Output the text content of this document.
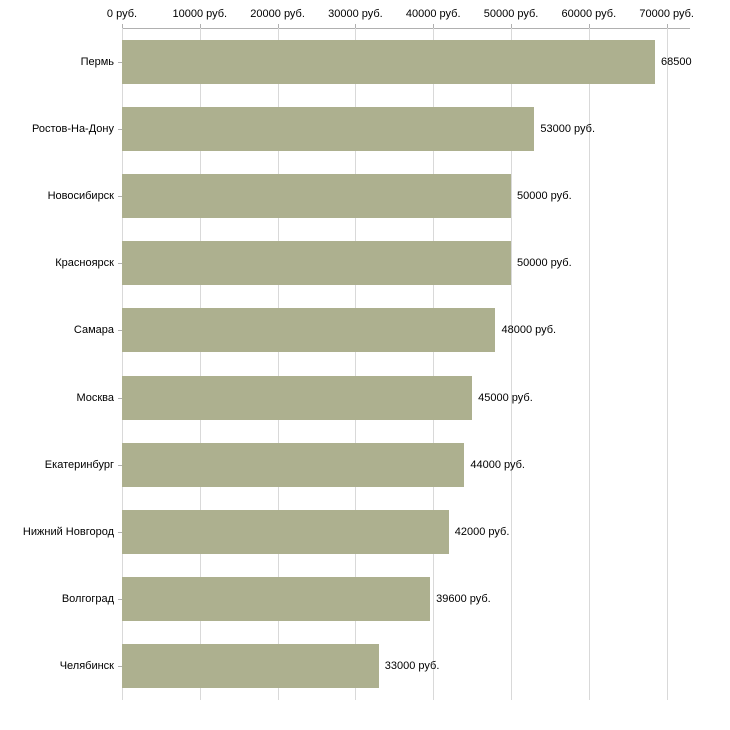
68500
53000 руб.
50000 руб.
50000 руб.
48000 руб.
45000 руб.
44000 руб.
42000 руб.
39600 руб.
33000 руб.
0 руб.	10000 руб. 20000 руб. 30000 руб. 40000 руб. 50000 руб. 60000 руб. 70000 руб.
Пермь
Ростов-На-Дону
Новосибирск
Красноярск
Самара
Москва
Екатеринбург
Нижний Новгород
Волгоград
Челябинск
